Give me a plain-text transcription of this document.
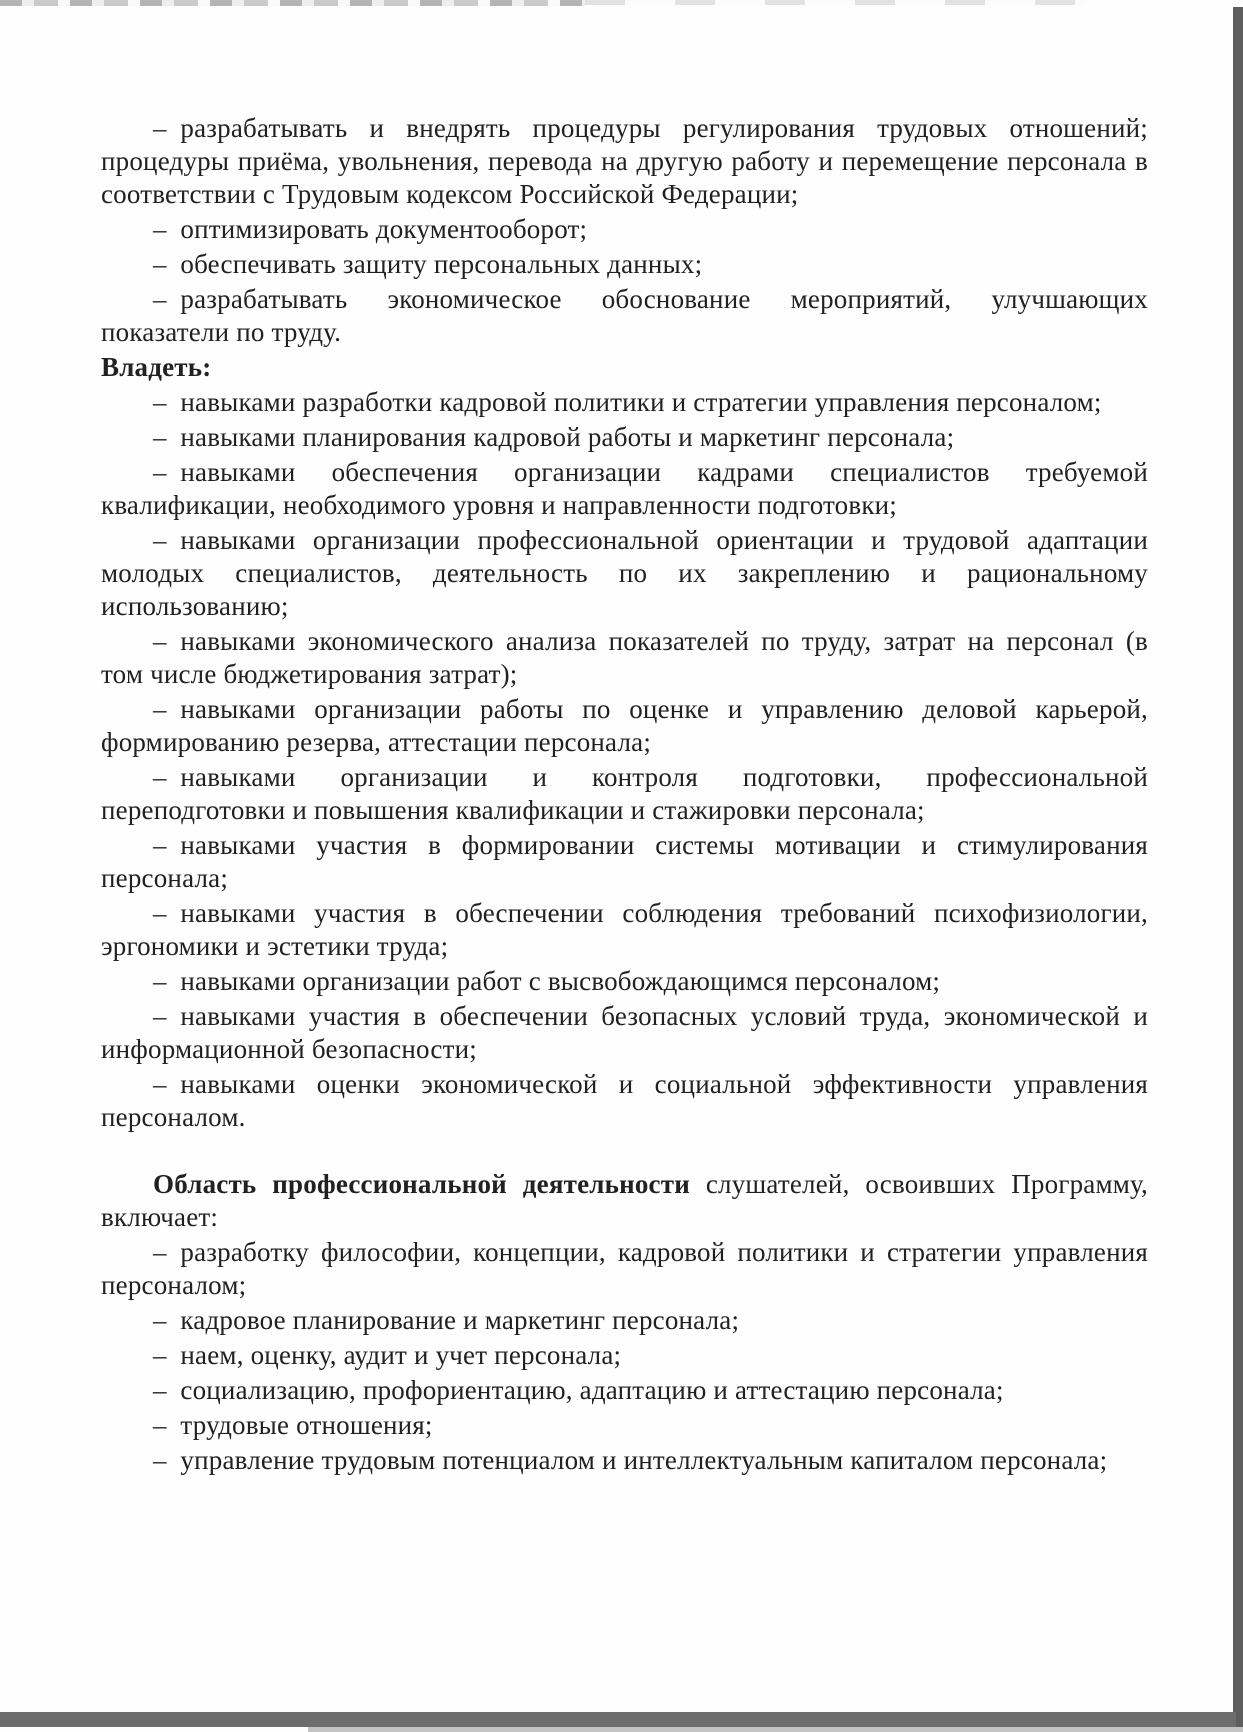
– разрабатывать и внедрять процедуры регулирования трудовых отношений; процедуры приёма, увольнения, перевода на другую работу и перемещение персонала в соответствии с Трудовым кодексом Российской Федерации;

– оптимизировать документооборот;

– обеспечивать защиту персональных данных;

– разрабатывать экономическое обоснование мероприятий, улучшающих показатели по труду.

Владеть:

– навыками разработки кадровой политики и стратегии управления персоналом;

– навыками планирования кадровой работы и маркетинг персонала;

– навыками обеспечения организации кадрами специалистов требуемой квалификации, необходимого уровня и направленности подготовки;

– навыками организации профессиональной ориентации и трудовой адаптации молодых специалистов, деятельность по их закреплению и рациональному использованию;

– навыками экономического анализа показателей по труду, затрат на персонал (в том числе бюджетирования затрат);

– навыками организации работы по оценке и управлению деловой карьерой, формированию резерва, аттестации персонала;

– навыками организации и контроля подготовки, профессиональной переподготовки и повышения квалификации и стажировки персонала;

– навыками участия в формировании системы мотивации и стимулирования персонала;

– навыками участия в обеспечении соблюдения требований психофизиологии, эргономики и эстетики труда;

– навыками организации работ с высвобождающимся персоналом;

– навыками участия в обеспечении безопасных условий труда, экономической и информационной безопасности;

– навыками оценки экономической и социальной эффективности управления персоналом.

Область профессиональной деятельности слушателей, освоивших Программу, включает:

– разработку философии, концепции, кадровой политики и стратегии управления персоналом;

– кадровое планирование и маркетинг персонала;

– наем, оценку, аудит и учет персонала;

– социализацию, профориентацию, адаптацию и аттестацию персонала;

– трудовые отношения;

– управление трудовым потенциалом и интеллектуальным капиталом персонала;
